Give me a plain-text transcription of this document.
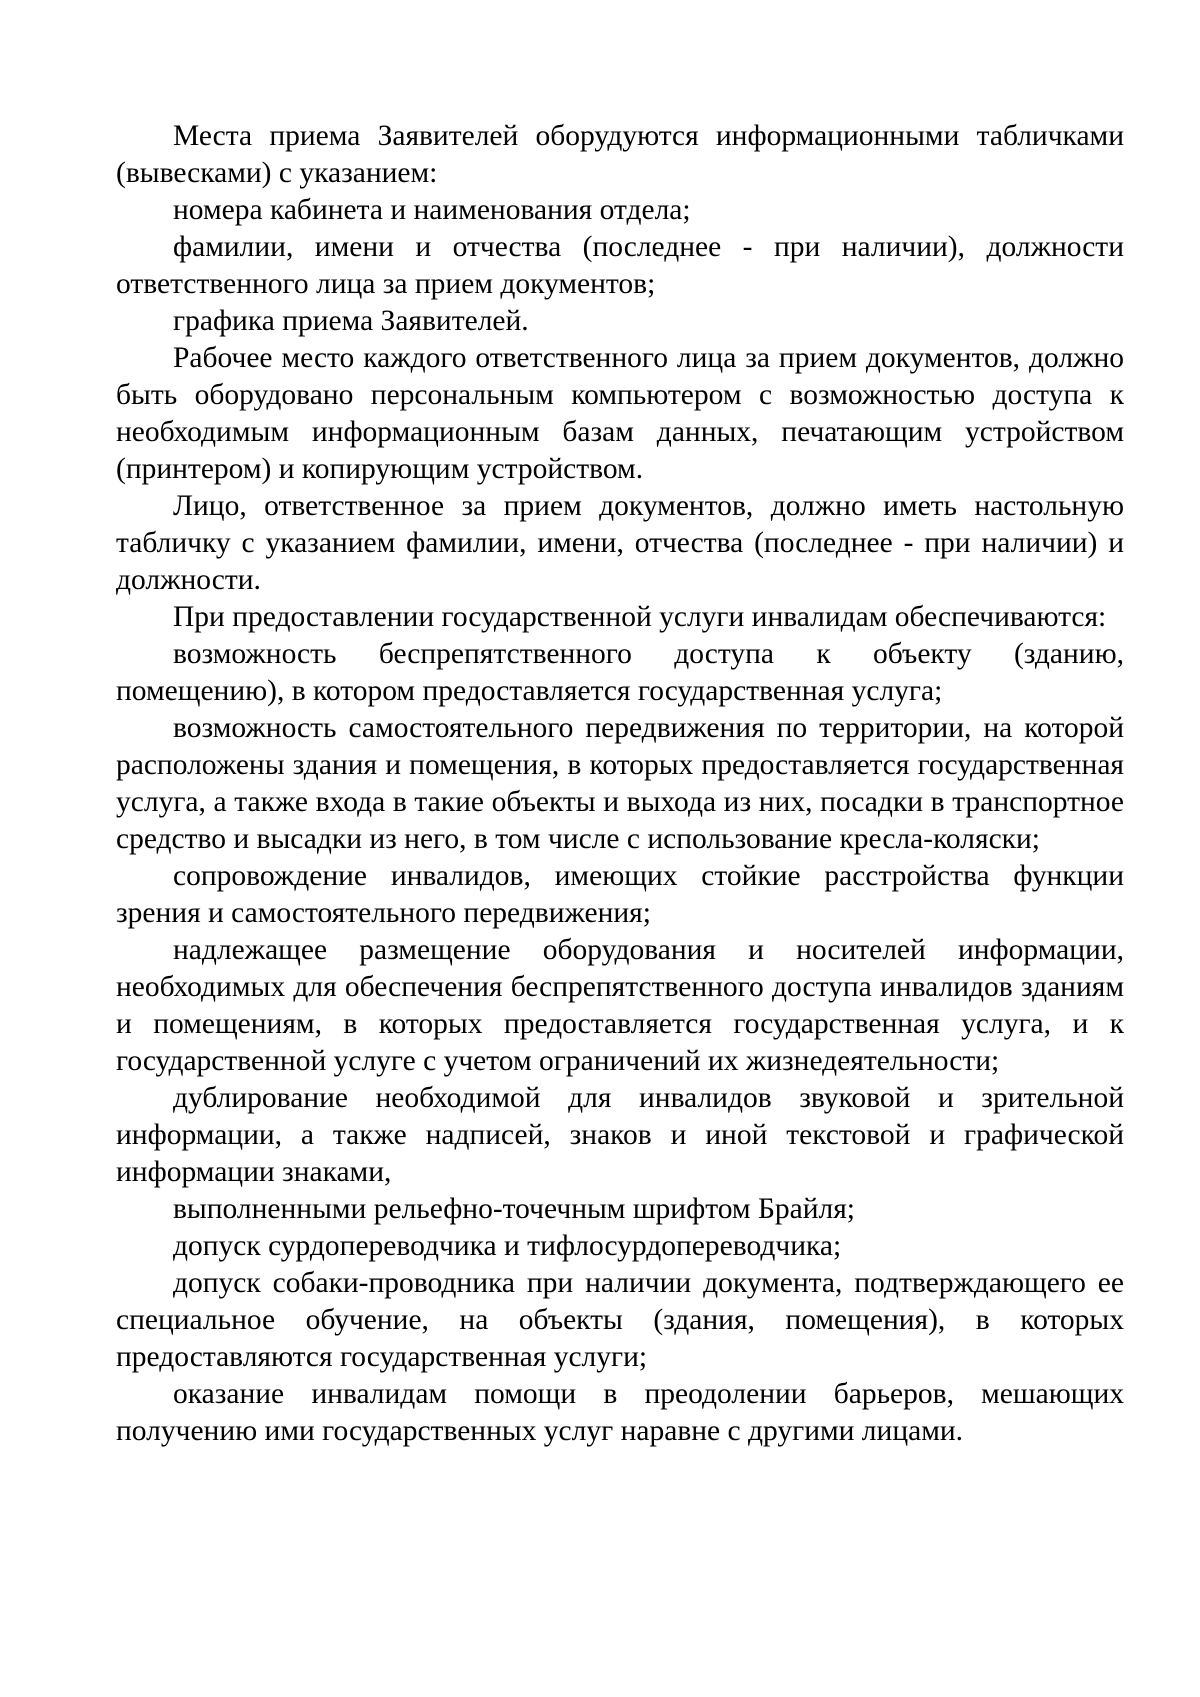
Места приема Заявителей оборудуются информационными табличками (вывесками) с указанием:

номера кабинета и наименования отдела;

фамилии, имени и отчества (последнее - при наличии), должности ответственного лица за прием документов;

графика приема Заявителей.

Рабочее место каждого ответственного лица за прием документов, должно быть оборудовано персональным компьютером с возможностью доступа к необходимым информационным базам данных, печатающим устройством (принтером) и копирующим устройством.

Лицо, ответственное за прием документов, должно иметь настольную табличку с указанием фамилии, имени, отчества (последнее - при наличии) и должности.

При предоставлении государственной услуги инвалидам обеспечиваются:

возможность беспрепятственного доступа к объекту (зданию, помещению), в котором предоставляется государственная услуга;

возможность самостоятельного передвижения по территории, на которой расположены здания и помещения, в которых предоставляется государственная услуга, а также входа в такие объекты и выхода из них, посадки в транспортное средство и высадки из него, в том числе с использование кресла-коляски;

сопровождение инвалидов, имеющих стойкие расстройства функции зрения и самостоятельного передвижения;

надлежащее размещение оборудования и носителей информации, необходимых для обеспечения беспрепятственного доступа инвалидов зданиям и помещениям, в которых предоставляется государственная услуга, и к государственной услуге с учетом ограничений их жизнедеятельности;

дублирование необходимой для инвалидов звуковой и зрительной информации, а также надписей, знаков и иной текстовой и графической информации знаками,

выполненными рельефно-точечным шрифтом Брайля;

допуск сурдопереводчика и тифлосурдопереводчика;

допуск собаки-проводника при наличии документа, подтверждающего ее специальное обучение, на объекты (здания, помещения), в которых предоставляются государственная услуги;

оказание инвалидам помощи в преодолении барьеров, мешающих получению ими государственных услуг наравне с другими лицами.
